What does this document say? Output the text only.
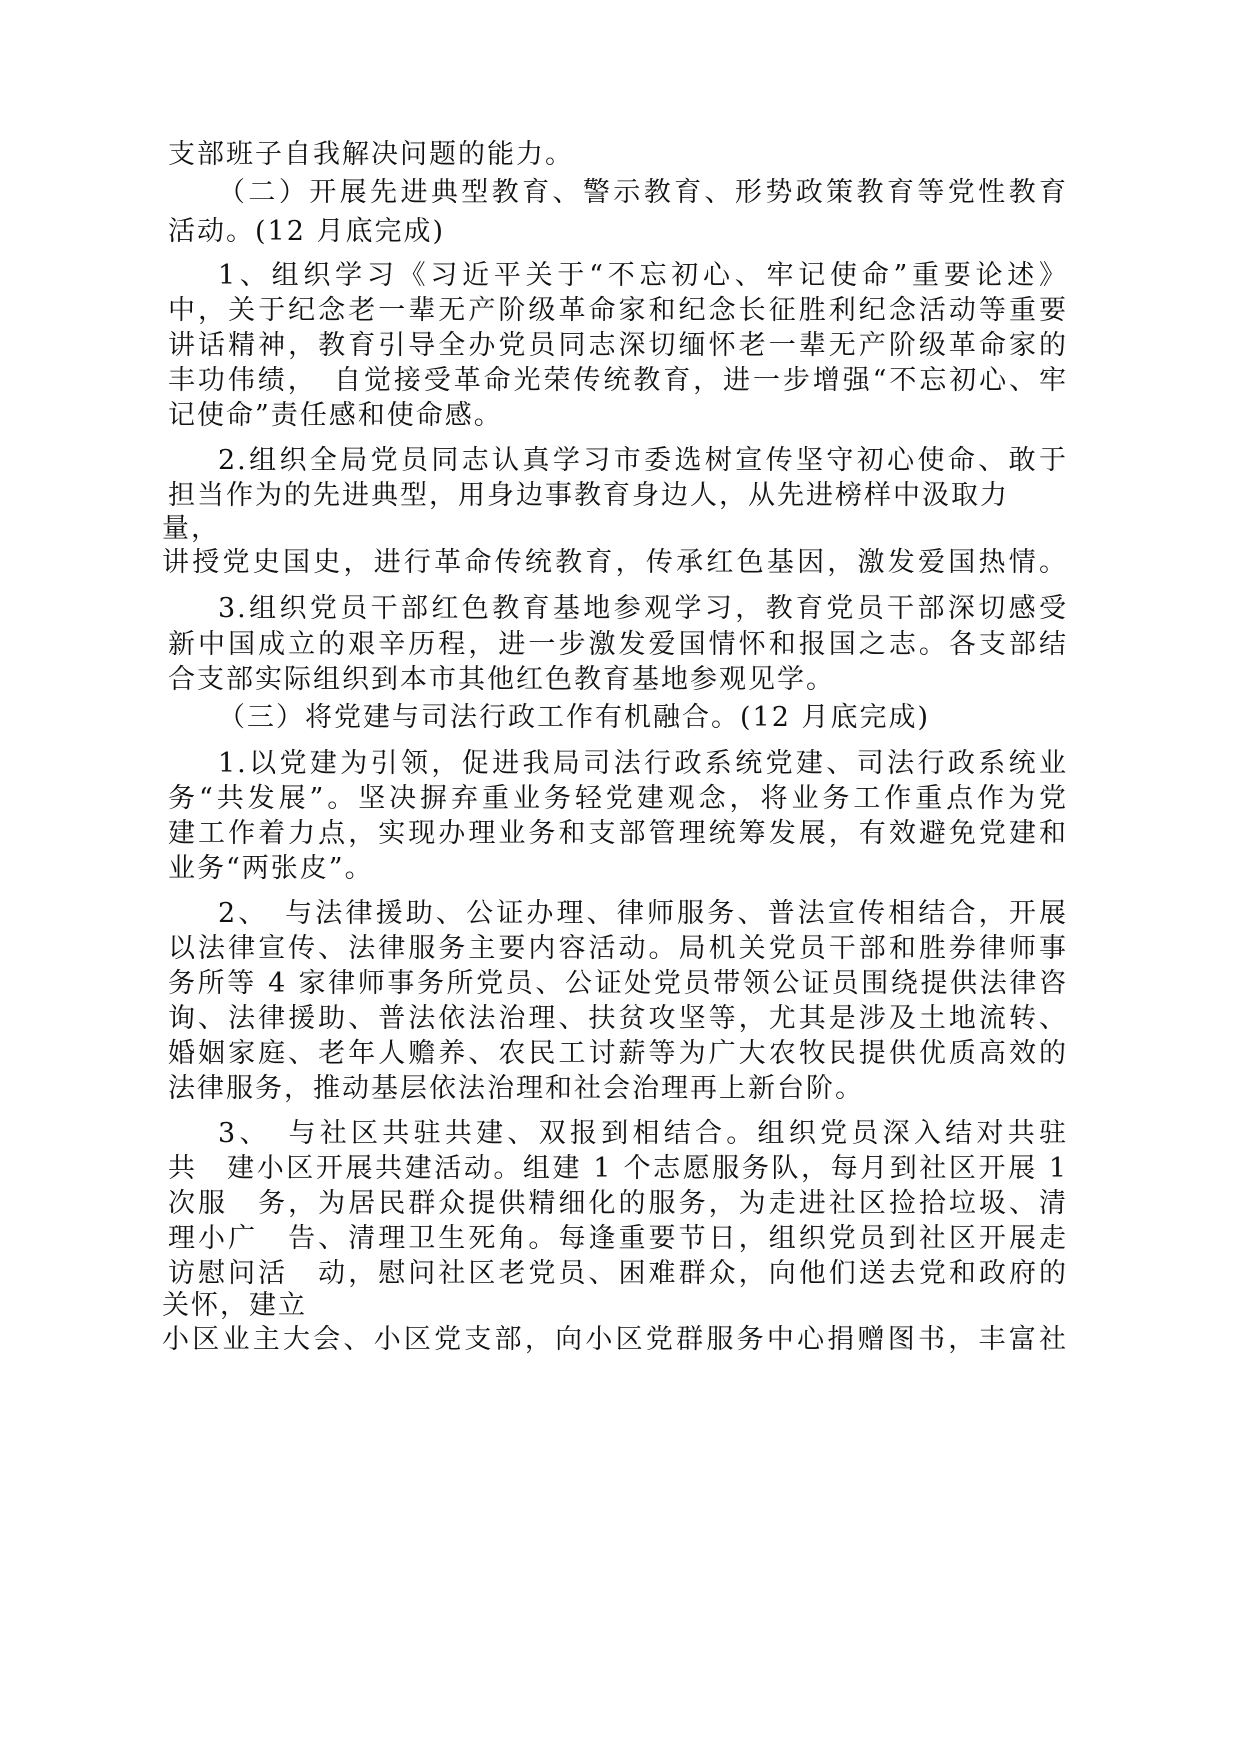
支部班子自我解决问题的能力。
（二）开展先进典型教育、警示教育、形势政策教育等党性教育
活动。(12 月底完成)
1、组织学习《习近平关于“不忘初心、牢记使命”重要论述》
中，关于纪念老一辈无产阶级革命家和纪念长征胜利纪念活动等重要
讲话精神，教育引导全办党员同志深切缅怀老一辈无产阶级革命家的
丰功伟绩，　自觉接受革命光荣传统教育，进一步增强“不忘初心、牢
记使命”责任感和使命感。
2.组织全局党员同志认真学习市委选树宣传坚守初心使命、敢于
担当作为的先进典型，用身边事教育身边人，从先进榜样中汲取力
量，
讲授党史国史，进行革命传统教育，传承红色基因，激发爱国热情。
3.组织党员干部红色教育基地参观学习，教育党员干部深切感受
新中国成立的艰辛历程，进一步激发爱国情怀和报国之志。各支部结
合支部实际组织到本市其他红色教育基地参观见学。
（三）将党建与司法行政工作有机融合。(12 月底完成)
1.以党建为引领，促进我局司法行政系统党建、司法行政系统业
务“共发展”。坚决摒弃重业务轻党建观念，将业务工作重点作为党
建工作着力点，实现办理业务和支部管理统筹发展，有效避免党建和
业务“两张皮”。
2、　与法律援助、公证办理、律师服务、普法宣传相结合，开展
以法律宣传、法律服务主要内容活动。局机关党员干部和胜券律师事
务所等 4 家律师事务所党员、公证处党员带领公证员围绕提供法律咨
询、法律援助、普法依法治理、扶贫攻坚等，尤其是涉及土地流转、
婚姻家庭、老年人赡养、农民工讨薪等为广大农牧民提供优质高效的
法律服务，推动基层依法治理和社会治理再上新台阶。
3、　与社区共驻共建、双报到相结合。组织党员深入结对共驻
共　建小区开展共建活动。组建 1 个志愿服务队，每月到社区开展 1
次服　务，为居民群众提供精细化的服务，为走进社区捡拾垃圾、清
理小广　告、清理卫生死角。每逢重要节日，组织党员到社区开展走
访慰问活　动，慰问社区老党员、困难群众，向他们送去党和政府的
关怀，建立
小区业主大会、小区党支部，向小区党群服务中心捐赠图书，丰富社
